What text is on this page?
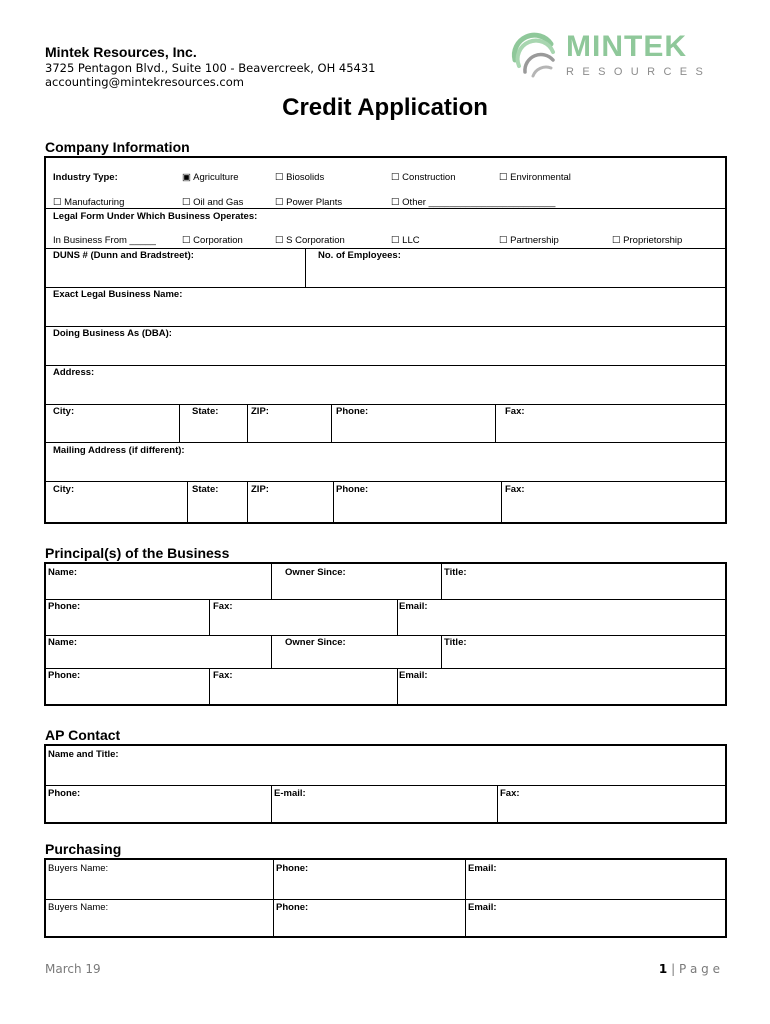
Mintek Resources, Inc.
3725 Pentagon Blvd., Suite 100 - Beavercreek, OH 45431
accounting@mintekresources.com
MINTEK
RESOURCES
Credit Application
Company Information
Industry Type:	▣ Agriculture	☐ Biosolids	☐ Construction	☐ Environmental
☐ Manufacturing	☐ Oil and Gas	☐ Power Plants	☐ Other ________________________
Legal Form Under Which Business Operates:
In Business From _____	☐ Corporation	☐ S Corporation	☐ LLC	☐ Partnership	☐ Proprietorship
DUNS # (Dunn and Bradstreet):	No. of Employees:
Exact Legal Business Name:
Doing Business As (DBA):
Address:
City:	State:	ZIP:	Phone:	Fax:
Mailing Address (if different):
City:	State:	ZIP:	Phone:	Fax:
Principal(s) of the Business
Name:	Owner Since:	Title:
Phone:	Fax:	Email:
Name:	Owner Since:	Title:
Phone:	Fax:	Email:
AP Contact
Name and Title:
Phone:	E-mail:	Fax:
Purchasing
Buyers Name:	Phone:	Email:
Buyers Name:	Phone:	Email:
March 19	1 | P a g e
